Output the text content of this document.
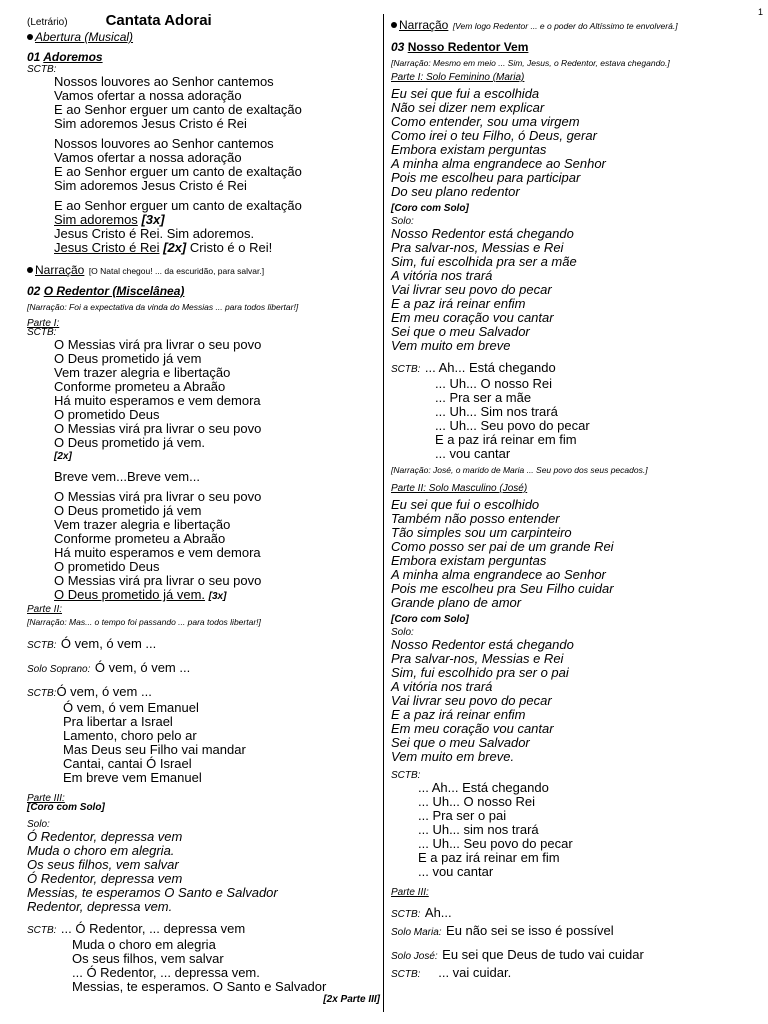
1
(Letrário)	Cantata Adorai
Abertura (Musical)
01 Adoremos
SCTB:
Nossos louvores ao Senhor cantemos
Vamos ofertar a nossa adoração
E ao Senhor erguer um canto de exaltação
Sim adoremos Jesus Cristo é Rei
Nossos louvores ao Senhor cantemos
Vamos ofertar a nossa adoração
E ao Senhor erguer um canto de exaltação
Sim adoremos Jesus Cristo é Rei
E ao Senhor erguer um canto de exaltação
Sim adoremos [3x]
Jesus Cristo é Rei. Sim adoremos.
Jesus Cristo é Rei [2x] Cristo é o Rei!
Narração [O Natal chegou! ... da escuridão, para salvar.]
02 O Redentor (Miscelânea)
[Narração: Foi a expectativa da vinda do Messias ... para todos libertar!]
Parte I:
SCTB:
O Messias virá pra livrar o seu povo
O Deus prometido já vem
Vem trazer alegria e libertação
Conforme prometeu a Abraão
Há muito esperamos e vem demora
O prometido Deus
O Messias virá pra livrar o seu povo
O Deus prometido já vem.
[2x]
Breve vem...Breve vem...
O Messias virá pra livrar o seu povo
O Deus prometido já vem
Vem trazer alegria e libertação
Conforme prometeu a Abraão
Há muito esperamos e vem demora
O prometido Deus
O Messias virá pra livrar o seu povo
O Deus prometido já vem. [3x]
Parte II:
[Narração: Mas... o tempo foi passando ... para todos libertar!]
SCTB: Ó vem, ó vem ...
Solo Soprano: Ó vem, ó vem ...
SCTB:Ó vem, ó vem ...
Ó vem, ó vem Emanuel
Pra libertar a Israel
Lamento, choro pelo ar
Mas Deus seu Filho vai mandar
Cantai, cantai Ó Israel
Em breve vem Emanuel
Parte III:
[Coro com Solo]
Solo:
Ó Redentor, depressa vem
Muda o choro em alegria.
Os seus filhos, vem salvar
Ó Redentor, depressa vem
Messias, te esperamos O Santo e Salvador
Redentor, depressa vem.
SCTB: ... Ó Redentor, ... depressa vem
Muda o choro em alegria
Os seus filhos, vem salvar
... Ó Redentor, ... depressa vem.
Messias, te esperamos. O Santo e Salvador
[2x Parte III]
Narração [Vem logo Redentor ... e o poder do Altíssimo te envolverá.]
03 Nosso Redentor Vem
[Narração: Mesmo em meio ... Sim, Jesus, o Redentor, estava chegando.]
Parte I: Solo Feminino (Maria)
Eu sei que fui a escolhida
Não sei dizer nem explicar
Como entender, sou uma virgem
Como irei o teu Filho, ó Deus, gerar
Embora existam perguntas
A minha alma engrandece ao Senhor
Pois me escolheu para participar
Do seu plano redentor
[Coro com Solo]
Solo:
Nosso Redentor está chegando
Pra salvar-nos, Messias e Rei
Sim, fui escolhida pra ser a mãe
A vitória nos trará
Vai livrar seu povo do pecar
E a paz irá reinar enfim
Em meu coração vou cantar
Sei que o meu Salvador
Vem muito em breve
SCTB: ... Ah... Está chegando
... Uh... O nosso Rei
... Pra ser a mãe
... Uh... Sim nos trará
... Uh... Seu povo do pecar
E a paz irá reinar em fim
... vou cantar
[Narração: José, o marido de Maria ... Seu povo dos seus pecados.]
Parte II: Solo Masculino (José)
Eu sei que fui o escolhido
Também não posso entender
Tão simples sou um carpinteiro
Como posso ser pai de um grande Rei
Embora existam perguntas
A minha alma engrandece ao Senhor
Pois me escolheu pra Seu Filho cuidar
Grande plano de amor
[Coro com Solo]
Solo:
Nosso Redentor está chegando
Pra salvar-nos, Messias e Rei
Sim, fui escolhido pra ser o pai
A vitória nos trará
Vai livrar seu povo do pecar
E a paz irá reinar enfim
Em meu coração vou cantar
Sei que o meu Salvador
Vem muito em breve.
SCTB:
... Ah... Está chegando
... Uh... O nosso Rei
... Pra ser o pai
... Uh... sim nos trará
... Uh... Seu povo do pecar
E a paz irá reinar em fim
... vou cantar
Parte III:
SCTB: Ah...
Solo Maria: Eu não sei se isso é possível
Solo José: Eu sei que Deus de tudo vai cuidar
SCTB: ... vai cuidar.
